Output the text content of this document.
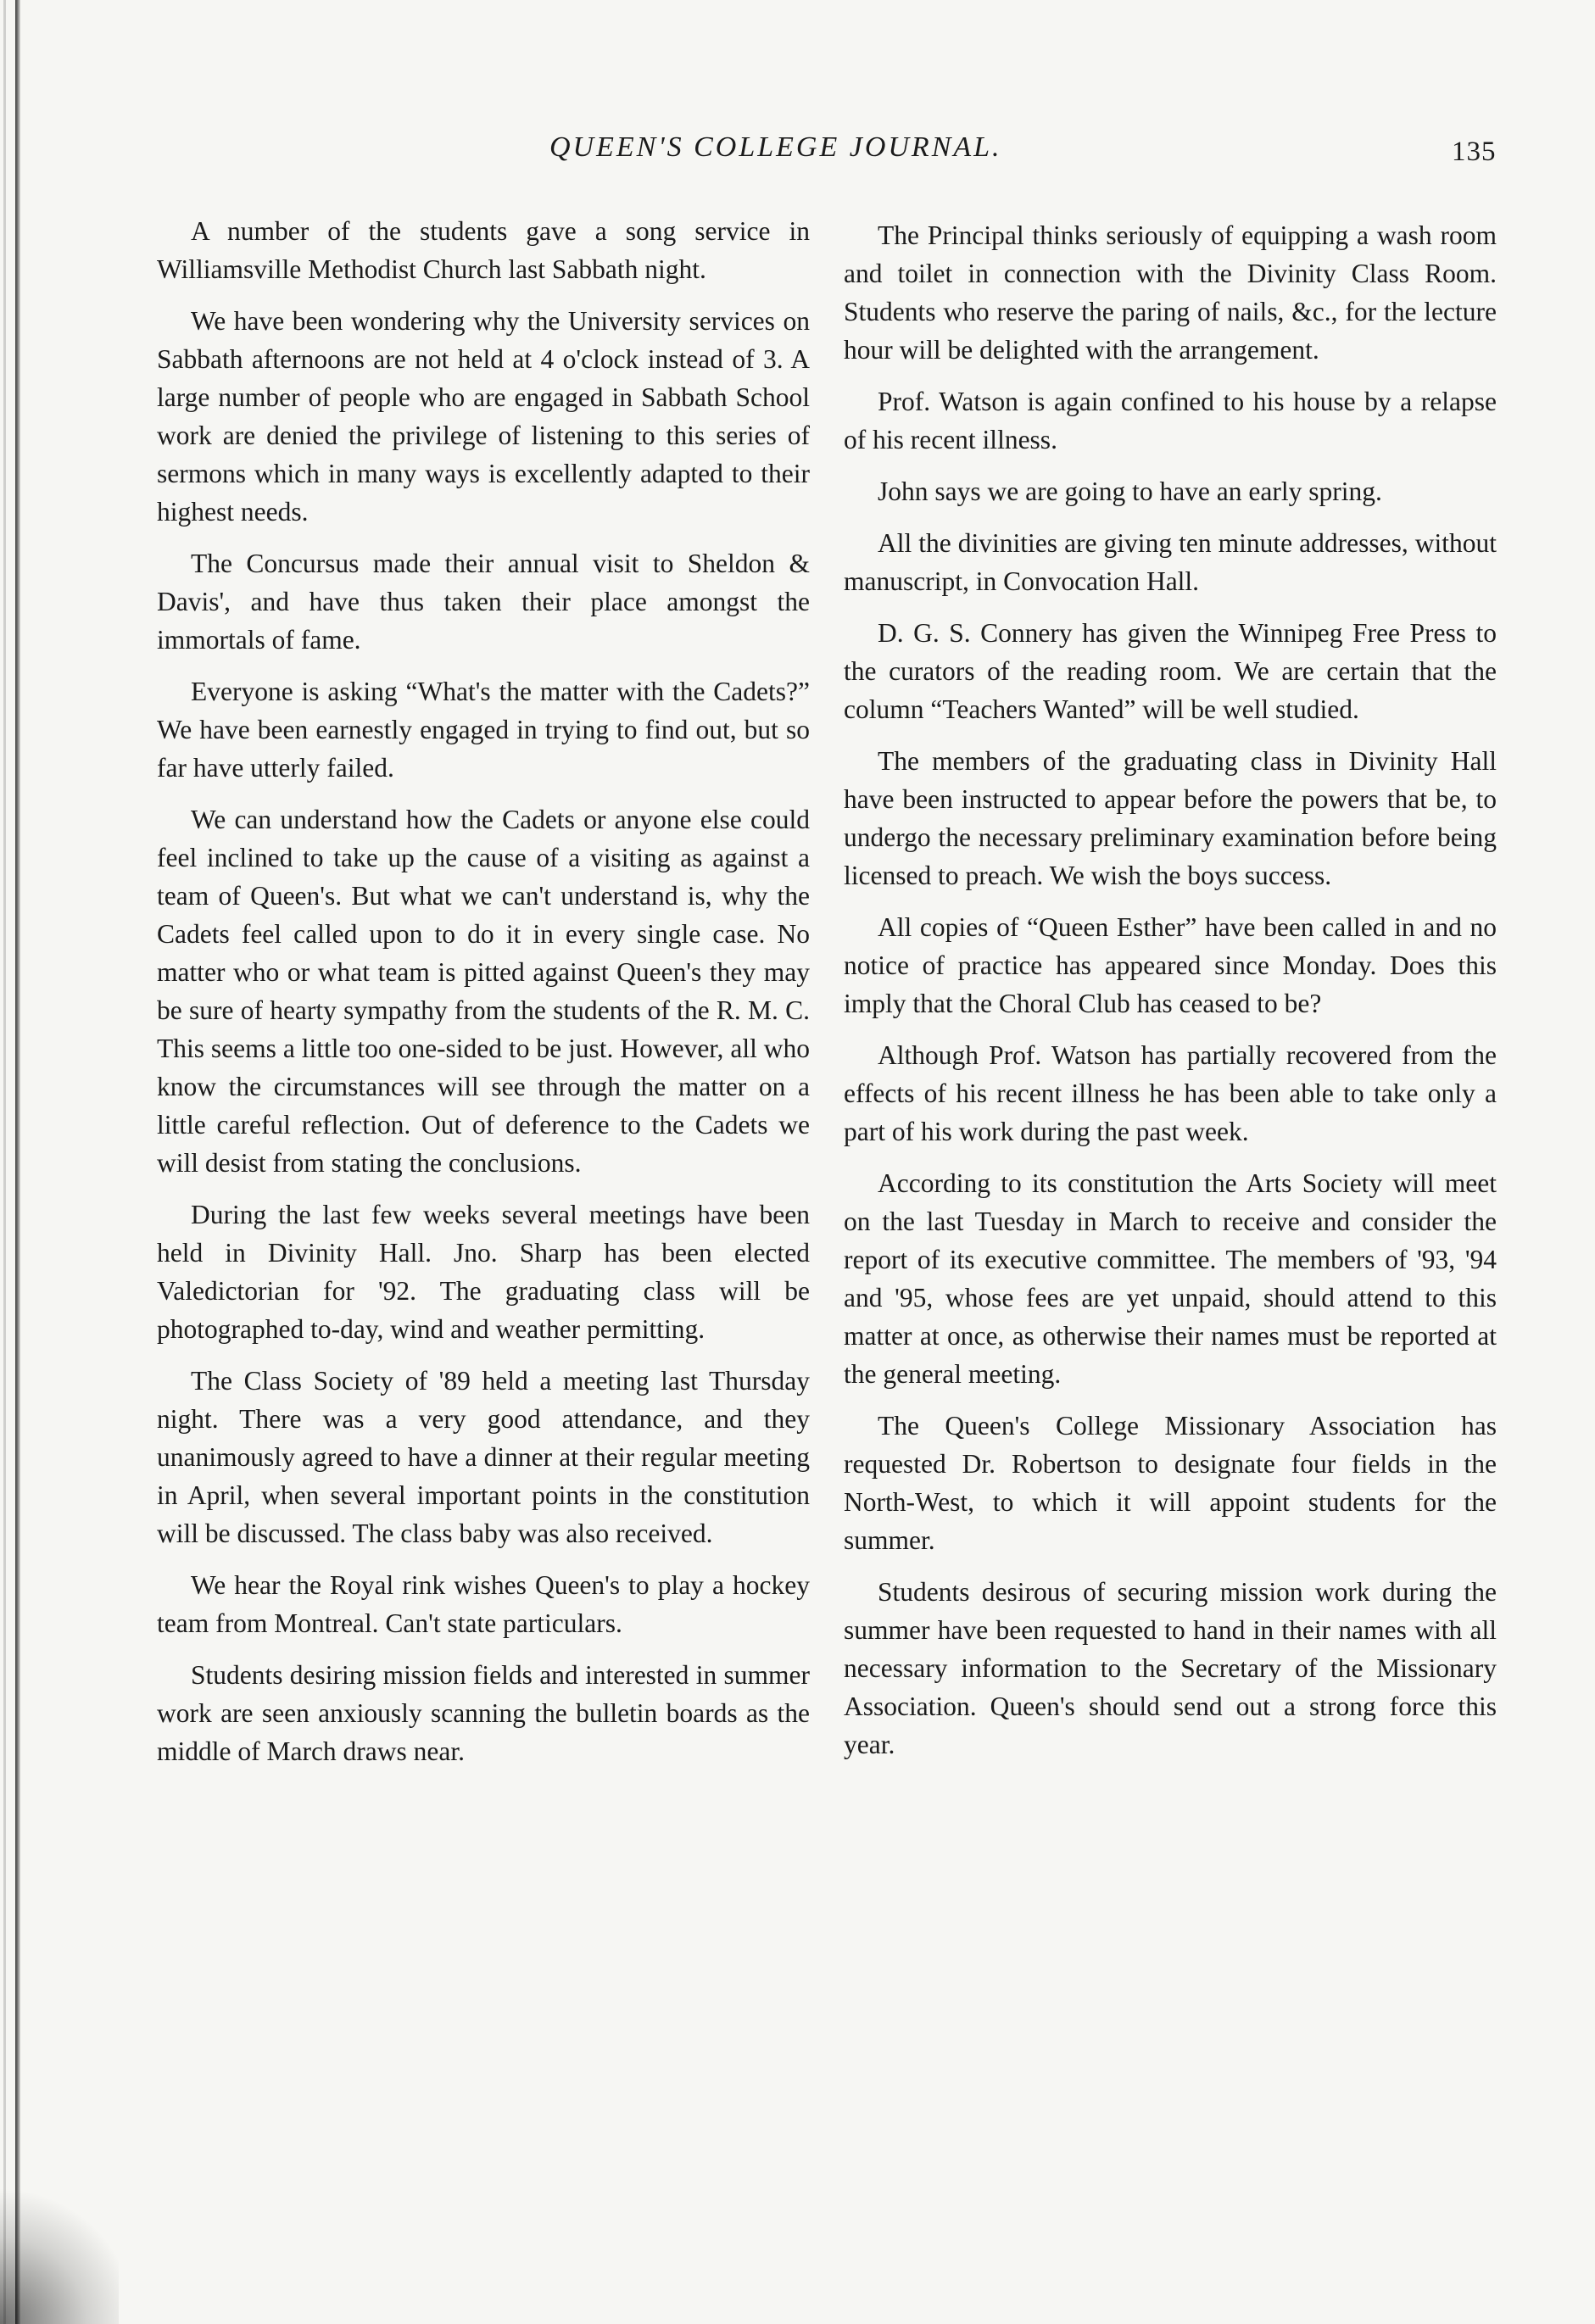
QUEEN'S COLLEGE JOURNAL.	135

A number of the students gave a song service in Williamsville Methodist Church last Sabbath night.

We have been wondering why the University services on Sabbath afternoons are not held at 4 o'clock instead of 3. A large number of people who are engaged in Sabbath School work are denied the privilege of listening to this series of sermons which in many ways is excellently adapted to their highest needs.

The Concursus made their annual visit to Sheldon & Davis', and have thus taken their place amongst the immortals of fame.

Everyone is asking “What's the matter with the Cadets?” We have been earnestly engaged in trying to find out, but so far have utterly failed.

We can understand how the Cadets or anyone else could feel inclined to take up the cause of a visiting as against a team of Queen's. But what we can't understand is, why the Cadets feel called upon to do it in every single case. No matter who or what team is pitted against Queen's they may be sure of hearty sympathy from the students of the R. M. C. This seems a little too one-sided to be just. However, all who know the circumstances will see through the matter on a little careful reflection. Out of deference to the Cadets we will desist from stating the conclusions.

During the last few weeks several meetings have been held in Divinity Hall. Jno. Sharp has been elected Valedictorian for '92. The graduating class will be photographed to-day, wind and weather permitting.

The Class Society of '89 held a meeting last Thursday night. There was a very good attendance, and they unanimously agreed to have a dinner at their regular meeting in April, when several important points in the constitution will be discussed. The class baby was also received.

We hear the Royal rink wishes Queen's to play a hockey team from Montreal. Can't state particulars.

Students desiring mission fields and interested in summer work are seen anxiously scanning the bulletin boards as the middle of March draws near.

The Principal thinks seriously of equipping a wash room and toilet in connection with the Divinity Class Room. Students who reserve the paring of nails, &c., for the lecture hour will be delighted with the arrangement.

Prof. Watson is again confined to his house by a relapse of his recent illness.

John says we are going to have an early spring.

All the divinities are giving ten minute addresses, without manuscript, in Convocation Hall.

D. G. S. Connery has given the Winnipeg Free Press to the curators of the reading room. We are certain that the column “Teachers Wanted” will be well studied.

The members of the graduating class in Divinity Hall have been instructed to appear before the powers that be, to undergo the necessary preliminary examination before being licensed to preach. We wish the boys success.

All copies of “Queen Esther” have been called in and no notice of practice has appeared since Monday. Does this imply that the Choral Club has ceased to be?

Although Prof. Watson has partially recovered from the effects of his recent illness he has been able to take only a part of his work during the past week.

According to its constitution the Arts Society will meet on the last Tuesday in March to receive and consider the report of its executive committee. The members of '93, '94 and '95, whose fees are yet unpaid, should attend to this matter at once, as otherwise their names must be reported at the general meeting.

The Queen's College Missionary Association has requested Dr. Robertson to designate four fields in the North-West, to which it will appoint students for the summer.

Students desirous of securing mission work during the summer have been requested to hand in their names with all necessary information to the Secretary of the Missionary Association. Queen's should send out a strong force this year.
